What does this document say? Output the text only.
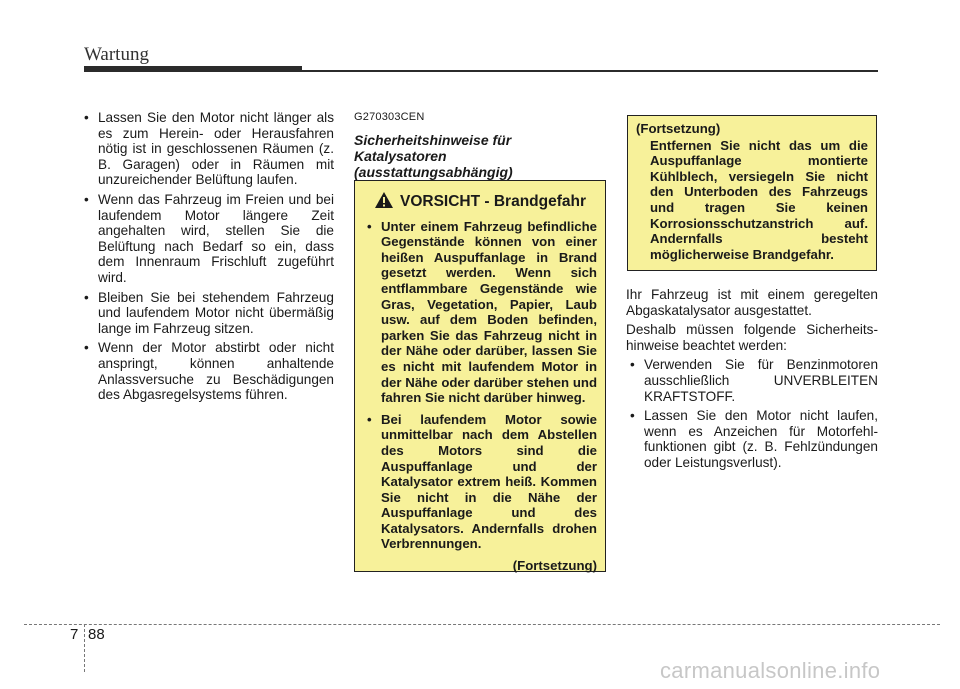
Wartung
• Lassen Sie den Motor nicht länger als es zum Herein- oder Herausfahren nötig ist in geschlossenen Räumen (z. B. Garagen) oder in Räumen mit unzureichender Belüftung laufen.
• Wenn das Fahrzeug im Freien und bei laufendem Motor längere Zeit angehalten wird, stellen Sie die Belüftung nach Bedarf so ein, dass dem Innenraum Frischluft zugeführt wird.
• Bleiben Sie bei stehendem Fahrzeug und laufendem Motor nicht übermäßig lange im Fahrzeug sitzen.
• Wenn der Motor abstirbt oder nicht anspringt, können anhaltende Anlassversuche zu Beschädigungen des Abgasregelsystems führen.

G270303CEN

Sicherheitshinweise für Katalysatoren (ausstattungsabhängig)

VORSICHT - Brandgefahr
• Unter einem Fahrzeug befindliche Gegenstände können von einer heißen Auspuffanlage in Brand gesetzt werden. Wenn sich entflammbare Gegenstände wie Gras, Vegetation, Papier, Laub usw. auf dem Boden befinden, parken Sie das Fahrzeug nicht in der Nähe oder darüber, lassen Sie es nicht mit laufendem Motor in der Nähe oder darüber stehen und fahren Sie nicht darüber hinweg.
• Bei laufendem Motor sowie unmittelbar nach dem Abstellen des Motors sind die Auspuffanlage und der Katalysator extrem heiß. Kommen Sie nicht in die Nähe der Auspuffanlage und des Katalysators. Andernfalls drohen Verbrennungen.
(Fortsetzung)

(Fortsetzung)

Entfernen Sie nicht das um die Auspuffanlage montierte Kühlblech, versiegeln Sie nicht den Unterboden des Fahrzeugs und tragen Sie keinen Korrosionsschutzanstrich auf. Andernfalls besteht möglicherweise Brandgefahr.

Ihr Fahrzeug ist mit einem geregelten Abgaskatalysator ausgestattet.

Deshalb müssen folgende Sicherheits-hinweise beachtet werden:

• Verwenden Sie für Benzinmotoren ausschließlich UNVERBLEITEN KRAFTSTOFF.
• Lassen Sie den Motor nicht laufen, wenn es Anzeichen für Motorfehl-funktionen gibt (z. B. Fehlzündungen oder Leistungsverlust).
7 88
carmanualsonline.info
